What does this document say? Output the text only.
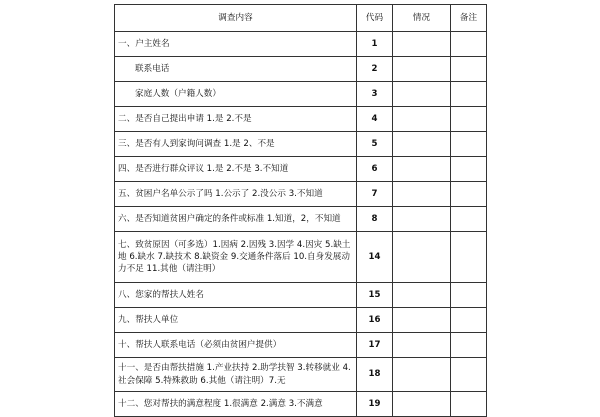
调查内容	代码	情况	备注
一、户主姓名	1		
联系电话	2		
家庭人数（户籍人数）	3		
二、是否自己提出申请 1.是 2.不是	4		
三、是否有人到家询问调查 1.是 2、不是	5		
四、是否进行群众评议 1.是 2.不是 3.不知道	6		
五、贫困户名单公示了吗 1.公示了 2.没公示 3.不知道	7		
六、是否知道贫困户确定的条件或标准 1.知道，2，不知道	8		
七、致贫原因（可多选）1.因病 2.因残 3.因学 4.因灾 5.缺土地 6.缺水 7.缺技术 8.缺资金 9.交通条件落后 10.自身发展动力不足 11.其他（请注明）	14		
八、您家的帮扶人姓名	15		
九、帮扶人单位	16		
十、帮扶人联系电话（必须由贫困户提供）	17		
十一、是否由帮扶措施 1.产业扶持 2.助学扶智 3.转移就业 4.社会保障 5.特殊救助 6.其他（请注明）7.无	18		
十二、您对帮扶的满意程度 1.很满意 2.满意 3.不满意	19		
